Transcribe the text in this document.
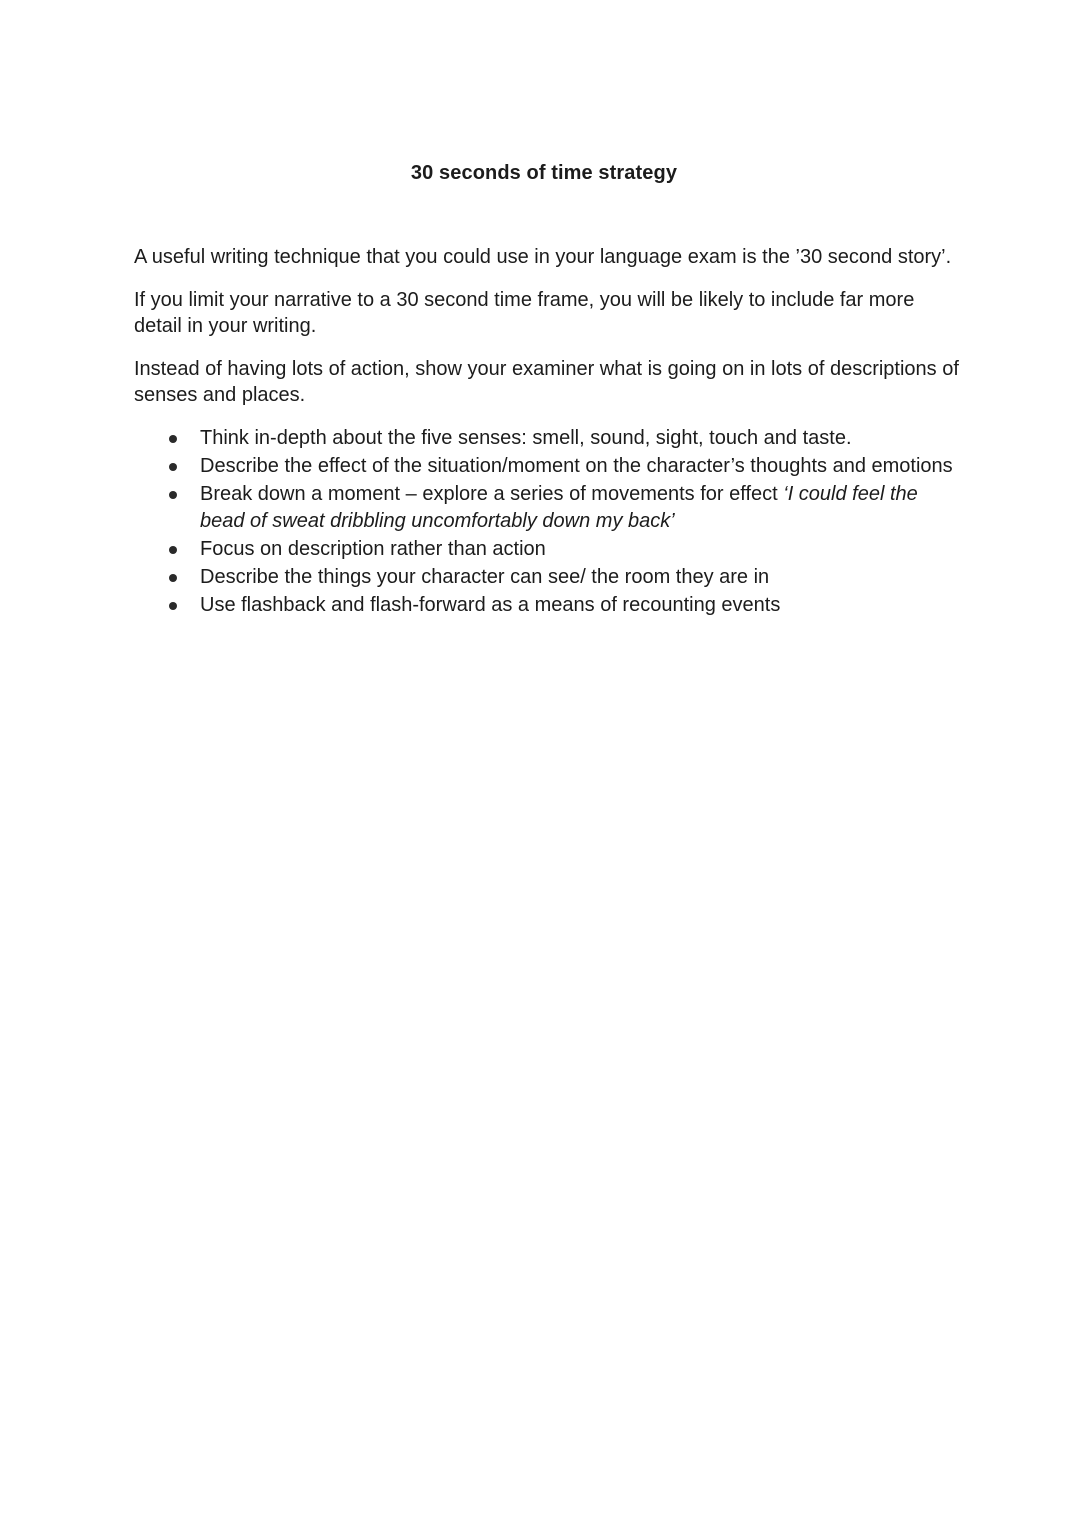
30 seconds of time strategy

A useful writing technique that you could use in your language exam is the ’30 second story’.

If you limit your narrative to a 30 second time frame, you will be likely to include far more detail in your writing.

Instead of having lots of action, show your examiner what is going on in lots of descriptions of senses and places.

Think in-depth about the five senses: smell, sound, sight, touch and taste.
Describe the effect of the situation/moment on the character’s thoughts and emotions
Break down a moment – explore a series of movements for effect ‘I could feel the bead of sweat dribbling uncomfortably down my back’
Focus on description rather than action
Describe the things your character can see/ the room they are in
Use flashback and flash-forward as a means of recounting events
